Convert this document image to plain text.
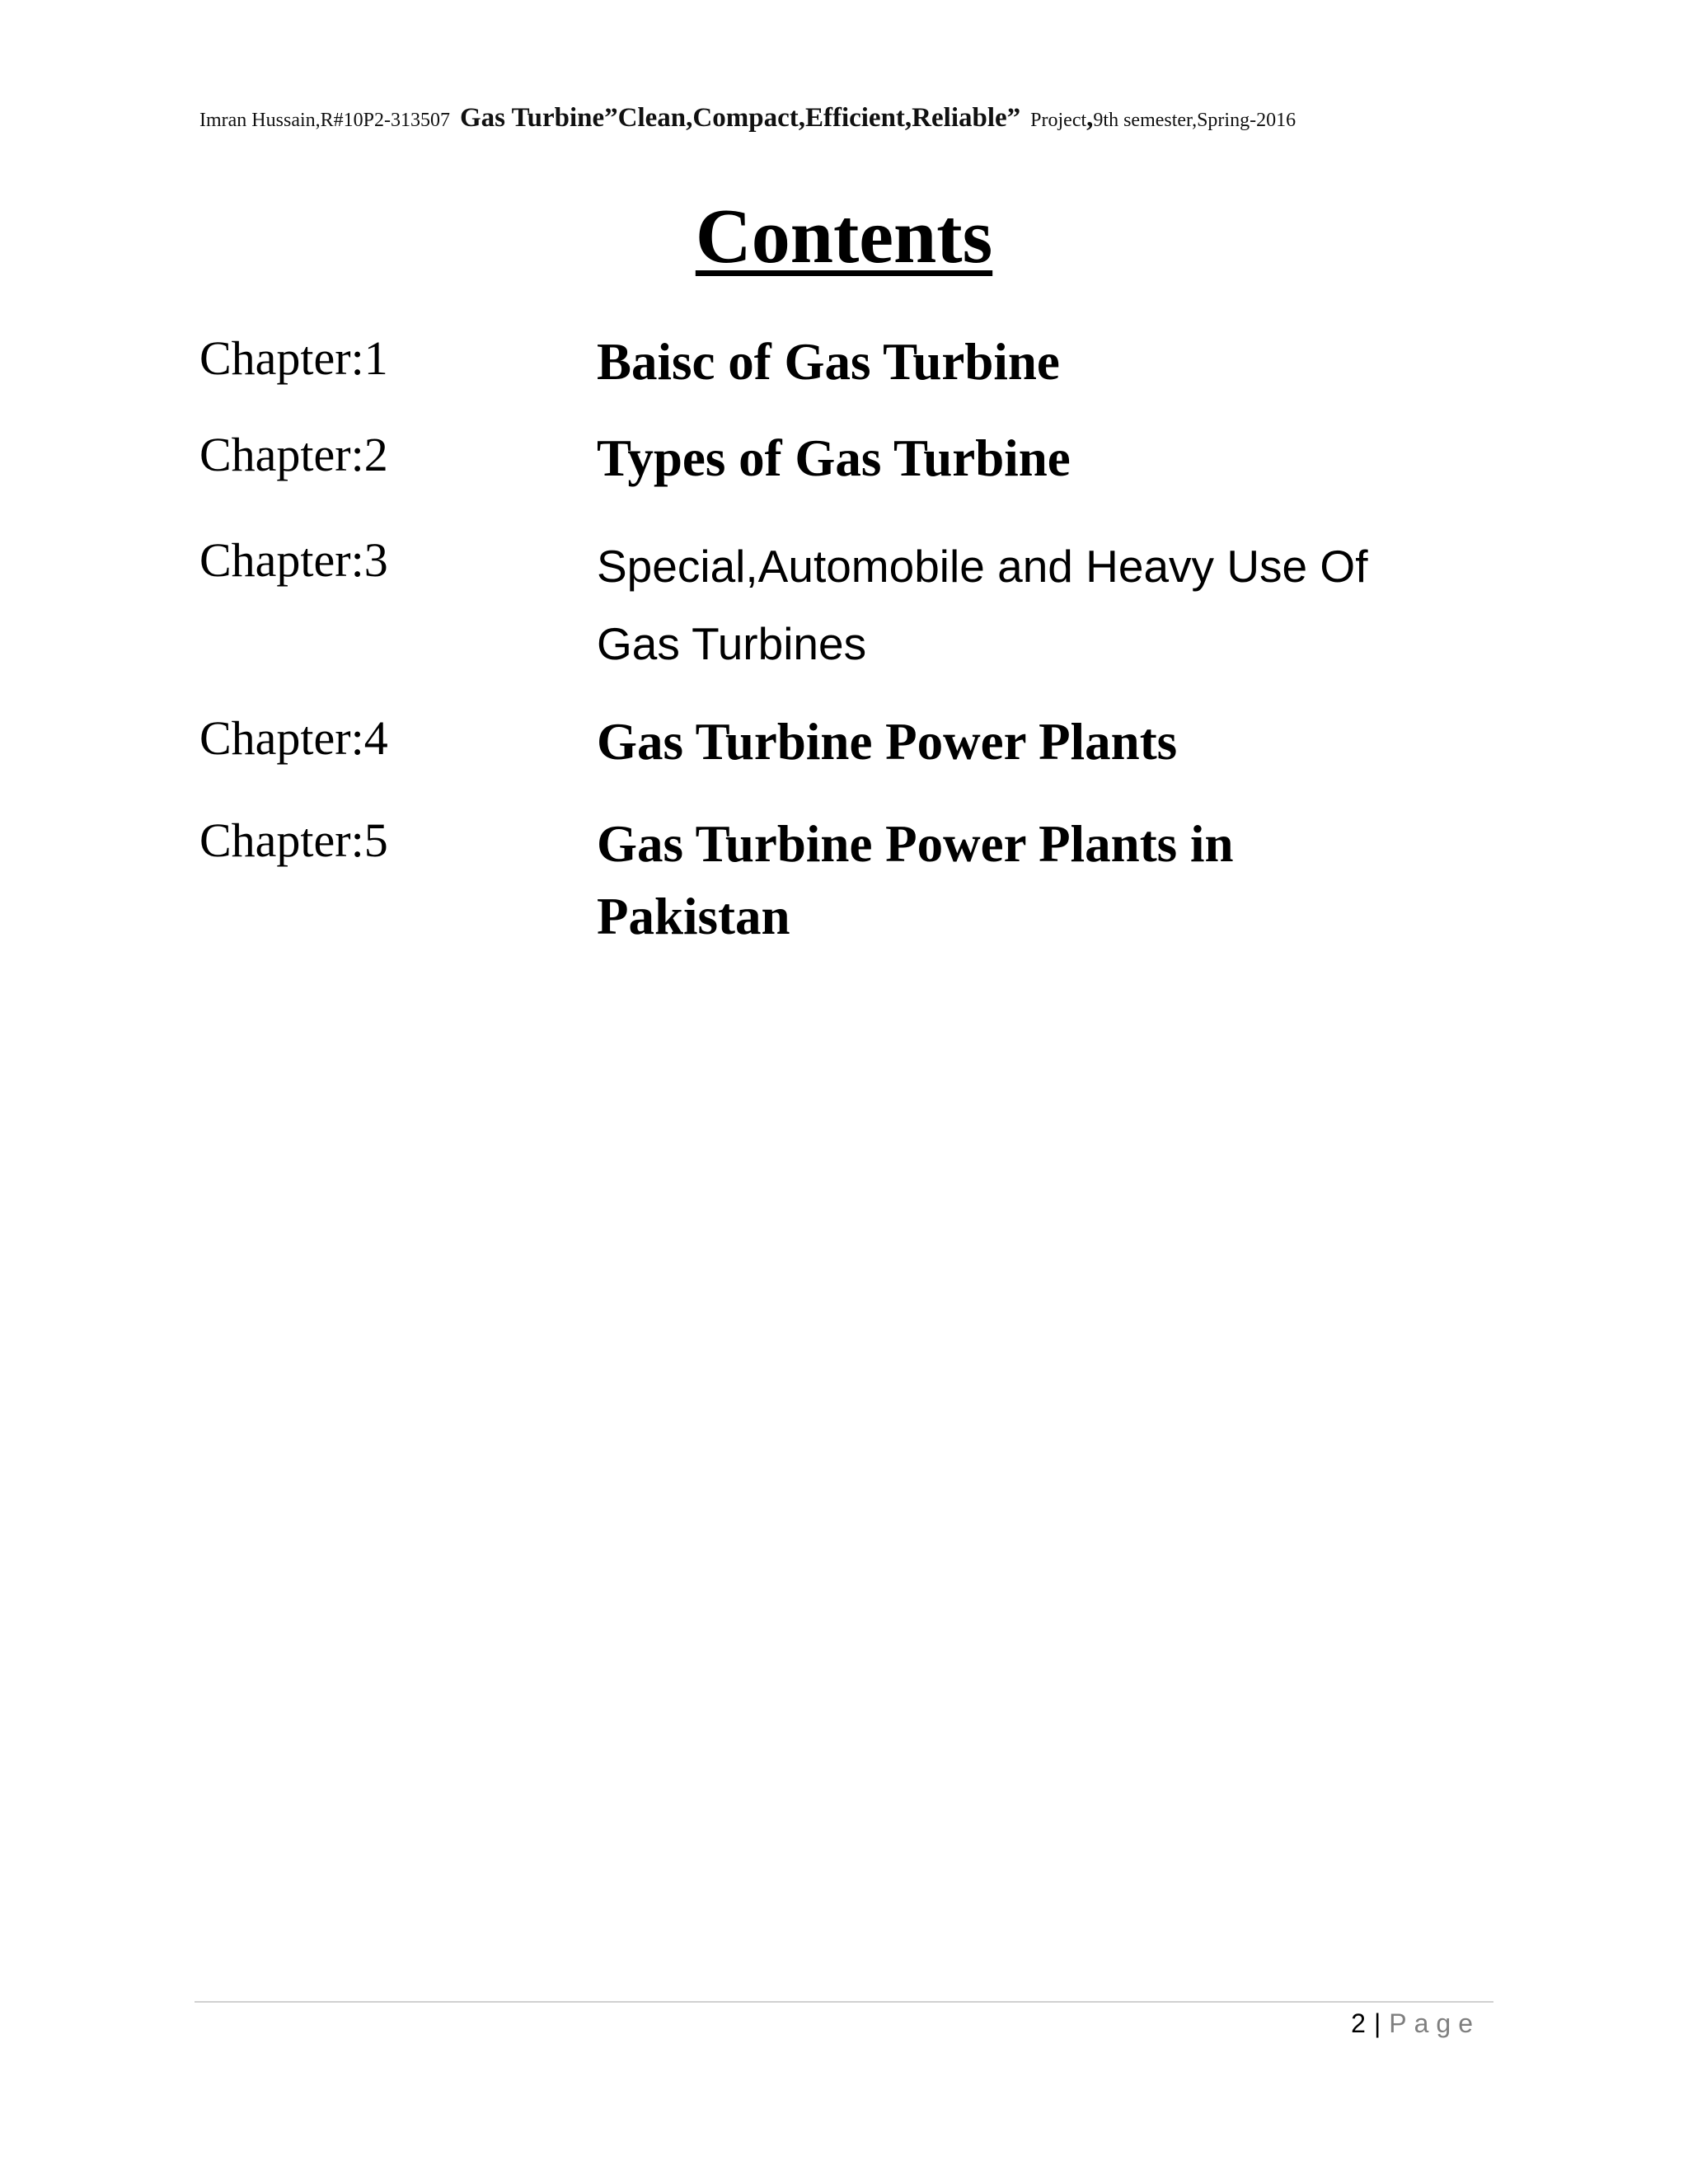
Imran Hussain,R#10P2-313507 Gas Turbine”Clean,Compact,Efficient,Reliable” Project,9th semester,Spring-2016
Contents
Chapter:1	Baisc of Gas Turbine
Chapter:2	Types of Gas Turbine
Chapter:3	Special,Automobile and Heavy Use Of
Gas Turbines
Chapter:4	Gas Turbine Power Plants
Chapter:5	Gas Turbine Power Plants in
Pakistan
2 | Page
